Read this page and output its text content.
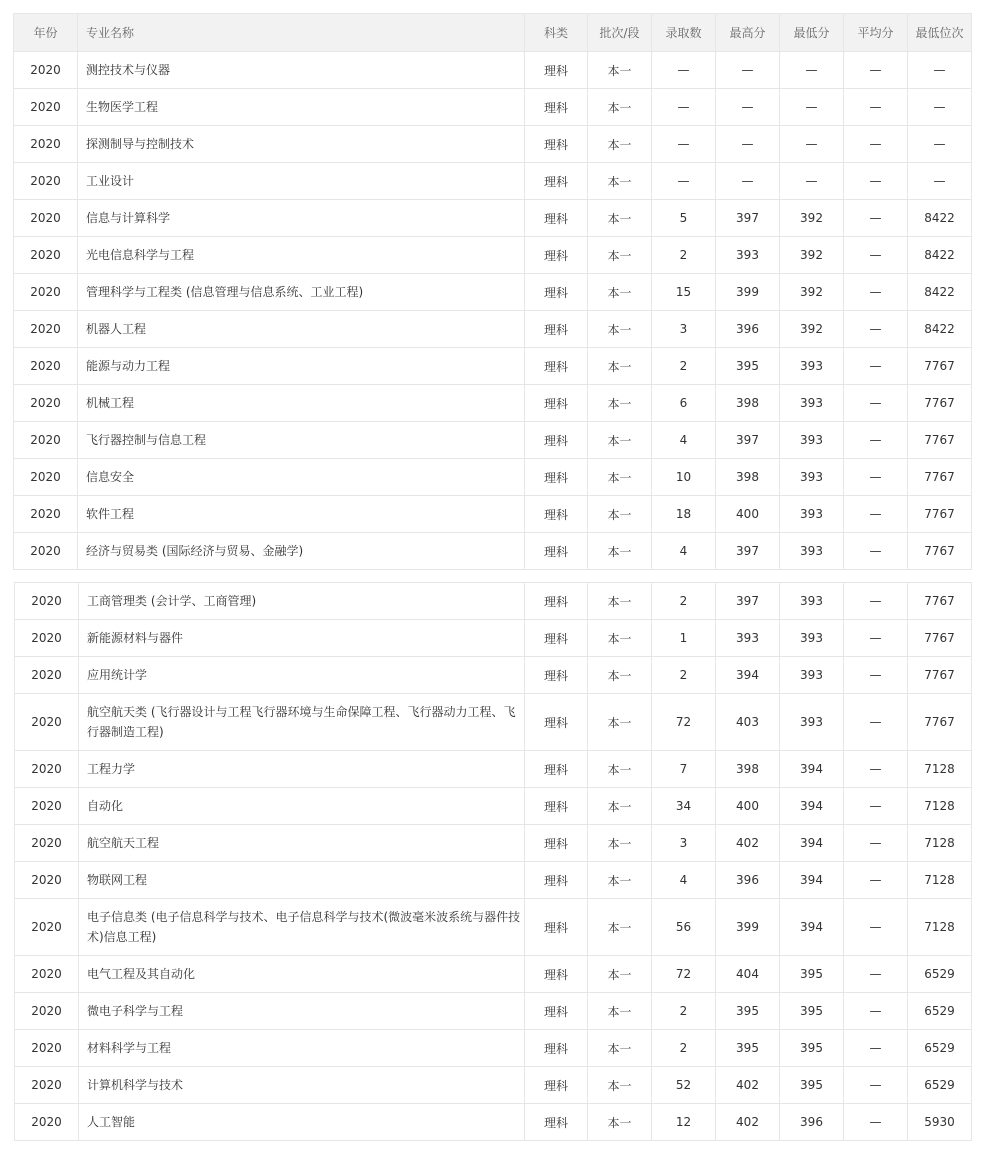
年份	专业名称	科类	批次/段	录取数	最高分	最低分	平均分	最低位次
2020	测控技术与仪器	理科	本一	—	—	—	—	—
2020	生物医学工程	理科	本一	—	—	—	—	—
2020	探测制导与控制技术	理科	本一	—	—	—	—	—
2020	工业设计	理科	本一	—	—	—	—	—
2020	信息与计算科学	理科	本一	5	397	392	—	8422
2020	光电信息科学与工程	理科	本一	2	393	392	—	8422
2020	管理科学与工程类 (信息管理与信息系统、工业工程)	理科	本一	15	399	392	—	8422
2020	机器人工程	理科	本一	3	396	392	—	8422
2020	能源与动力工程	理科	本一	2	395	393	—	7767
2020	机械工程	理科	本一	6	398	393	—	7767
2020	飞行器控制与信息工程	理科	本一	4	397	393	—	7767
2020	信息安全	理科	本一	10	398	393	—	7767
2020	软件工程	理科	本一	18	400	393	—	7767
2020	经济与贸易类 (国际经济与贸易、金融学)	理科	本一	4	397	393	—	7767
2020	工商管理类 (会计学、工商管理)	理科	本一	2	397	393	—	7767
2020	新能源材料与器件	理科	本一	1	393	393	—	7767
2020	应用统计学	理科	本一	2	394	393	—	7767
2020	航空航天类 (飞行器设计与工程飞行器环境与生命保障工程、飞行器动力工程、飞行器制造工程)	理科	本一	72	403	393	—	7767
2020	工程力学	理科	本一	7	398	394	—	7128
2020	自动化	理科	本一	34	400	394	—	7128
2020	航空航天工程	理科	本一	3	402	394	—	7128
2020	物联网工程	理科	本一	4	396	394	—	7128
2020	电子信息类 (电子信息科学与技术、电子信息科学与技术(微波毫米波系统与器件技术)信息工程)	理科	本一	56	399	394	—	7128
2020	电气工程及其自动化	理科	本一	72	404	395	—	6529
2020	微电子科学与工程	理科	本一	2	395	395	—	6529
2020	材料科学与工程	理科	本一	2	395	395	—	6529
2020	计算机科学与技术	理科	本一	52	402	395	—	6529
2020	人工智能	理科	本一	12	402	396	—	5930
